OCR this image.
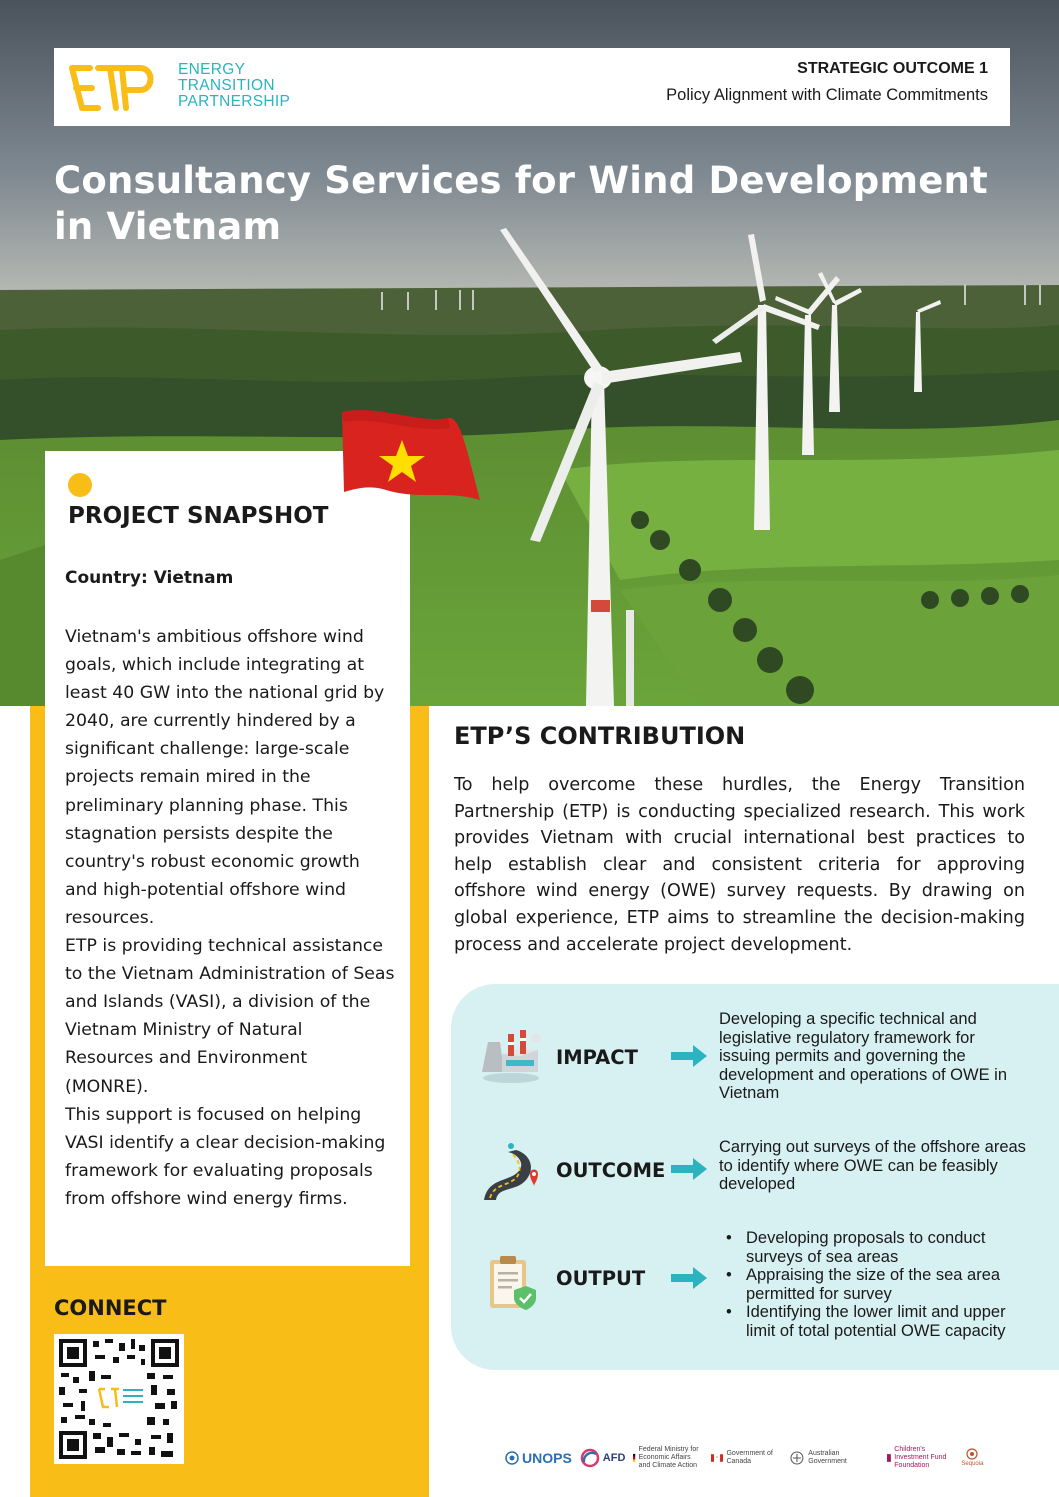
ENERGY
TRANSITION
PARTNERSHIP
STRATEGIC OUTCOME 1
Policy Alignment with Climate Commitments
Consultancy Services for Wind Development
in Vietnam
PROJECT SNAPSHOT
Country: Vietnam

Vietnam's ambitious offshore wind goals, which include integrating at least 40 GW into the national grid by 2040, are currently hindered by a significant challenge: large-scale projects remain mired in the preliminary planning phase. This stagnation persists despite the country's robust economic growth and high-potential offshore wind resources.

ETP is providing technical assistance to the Vietnam Administration of Seas and Islands (VASI), a division of the Vietnam Ministry of Natural Resources and Environment (MONRE).

This support is focused on helping VASI identify a clear decision-making framework for evaluating proposals from offshore wind energy firms.

CONNECT
ETP’S CONTRIBUTION
To help overcome these hurdles, the Energy Transition Partnership (ETP) is conducting specialized research. This work provides Vietnam with crucial international best practices to help establish clear and consistent criteria for approving offshore wind energy (OWE) survey requests. By drawing on global experience, ETP aims to streamline the decision-making process and accelerate project development.
IMPACT
Developing a specific technical and legislative regulatory framework for issuing permits and governing the development and operations of OWE in Vietnam
OUTCOME
Carrying out surveys of the offshore areas to identify where OWE can be feasibly developed
OUTPUT
• Developing proposals to conduct surveys of sea areas
• Appraising the size of the sea area permitted for survey
• Identifying the lower limit and upper limit of total potential OWE capacity
UNOPS	AFD
Federal Ministry for Economic Affairs and Climate Action
Government of Canada
Australian Government
Children's Investment Fund Foundation	Sequoia
